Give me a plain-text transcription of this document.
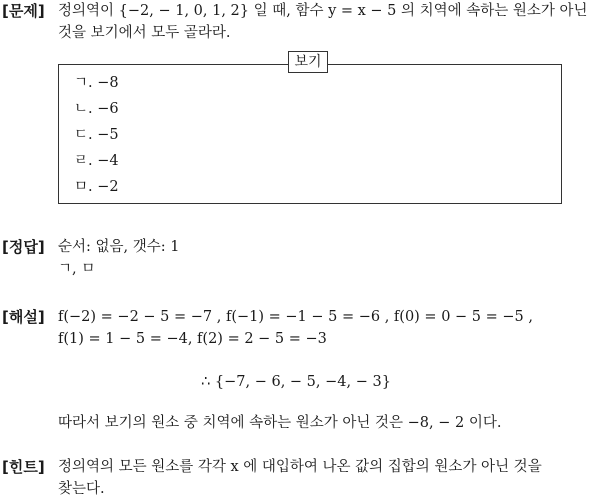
[문제] 정의역이 {−2, − 1, 0, 1, 2} 일 때, 함수 y = x − 5 의 치역에 속하는 원소가 아닌
것을 보기에서 모두 골라라.
보기
ㄱ. −8
ㄴ. −6
ㄷ. −5
ㄹ. −4
ㅁ. −2
[정답] 순서: 없음, 갯수: 1
ㄱ, ㅁ
[해설] f(−2) = −2 − 5 = −7 , f(−1) = −1 − 5 = −6 , f(0) = 0 − 5 = −5 ,
f(1) = 1 − 5 = −4, f(2) = 2 − 5 = −3
∴ {−7, − 6, − 5, −4, − 3}
따라서 보기의 원소 중 치역에 속하는 원소가 아닌 것은 −8, − 2 이다.
[힌트] 정의역의 모든 원소를 각각 x 에 대입하여 나온 값의 집합의 원소가 아닌 것을
찾는다.
